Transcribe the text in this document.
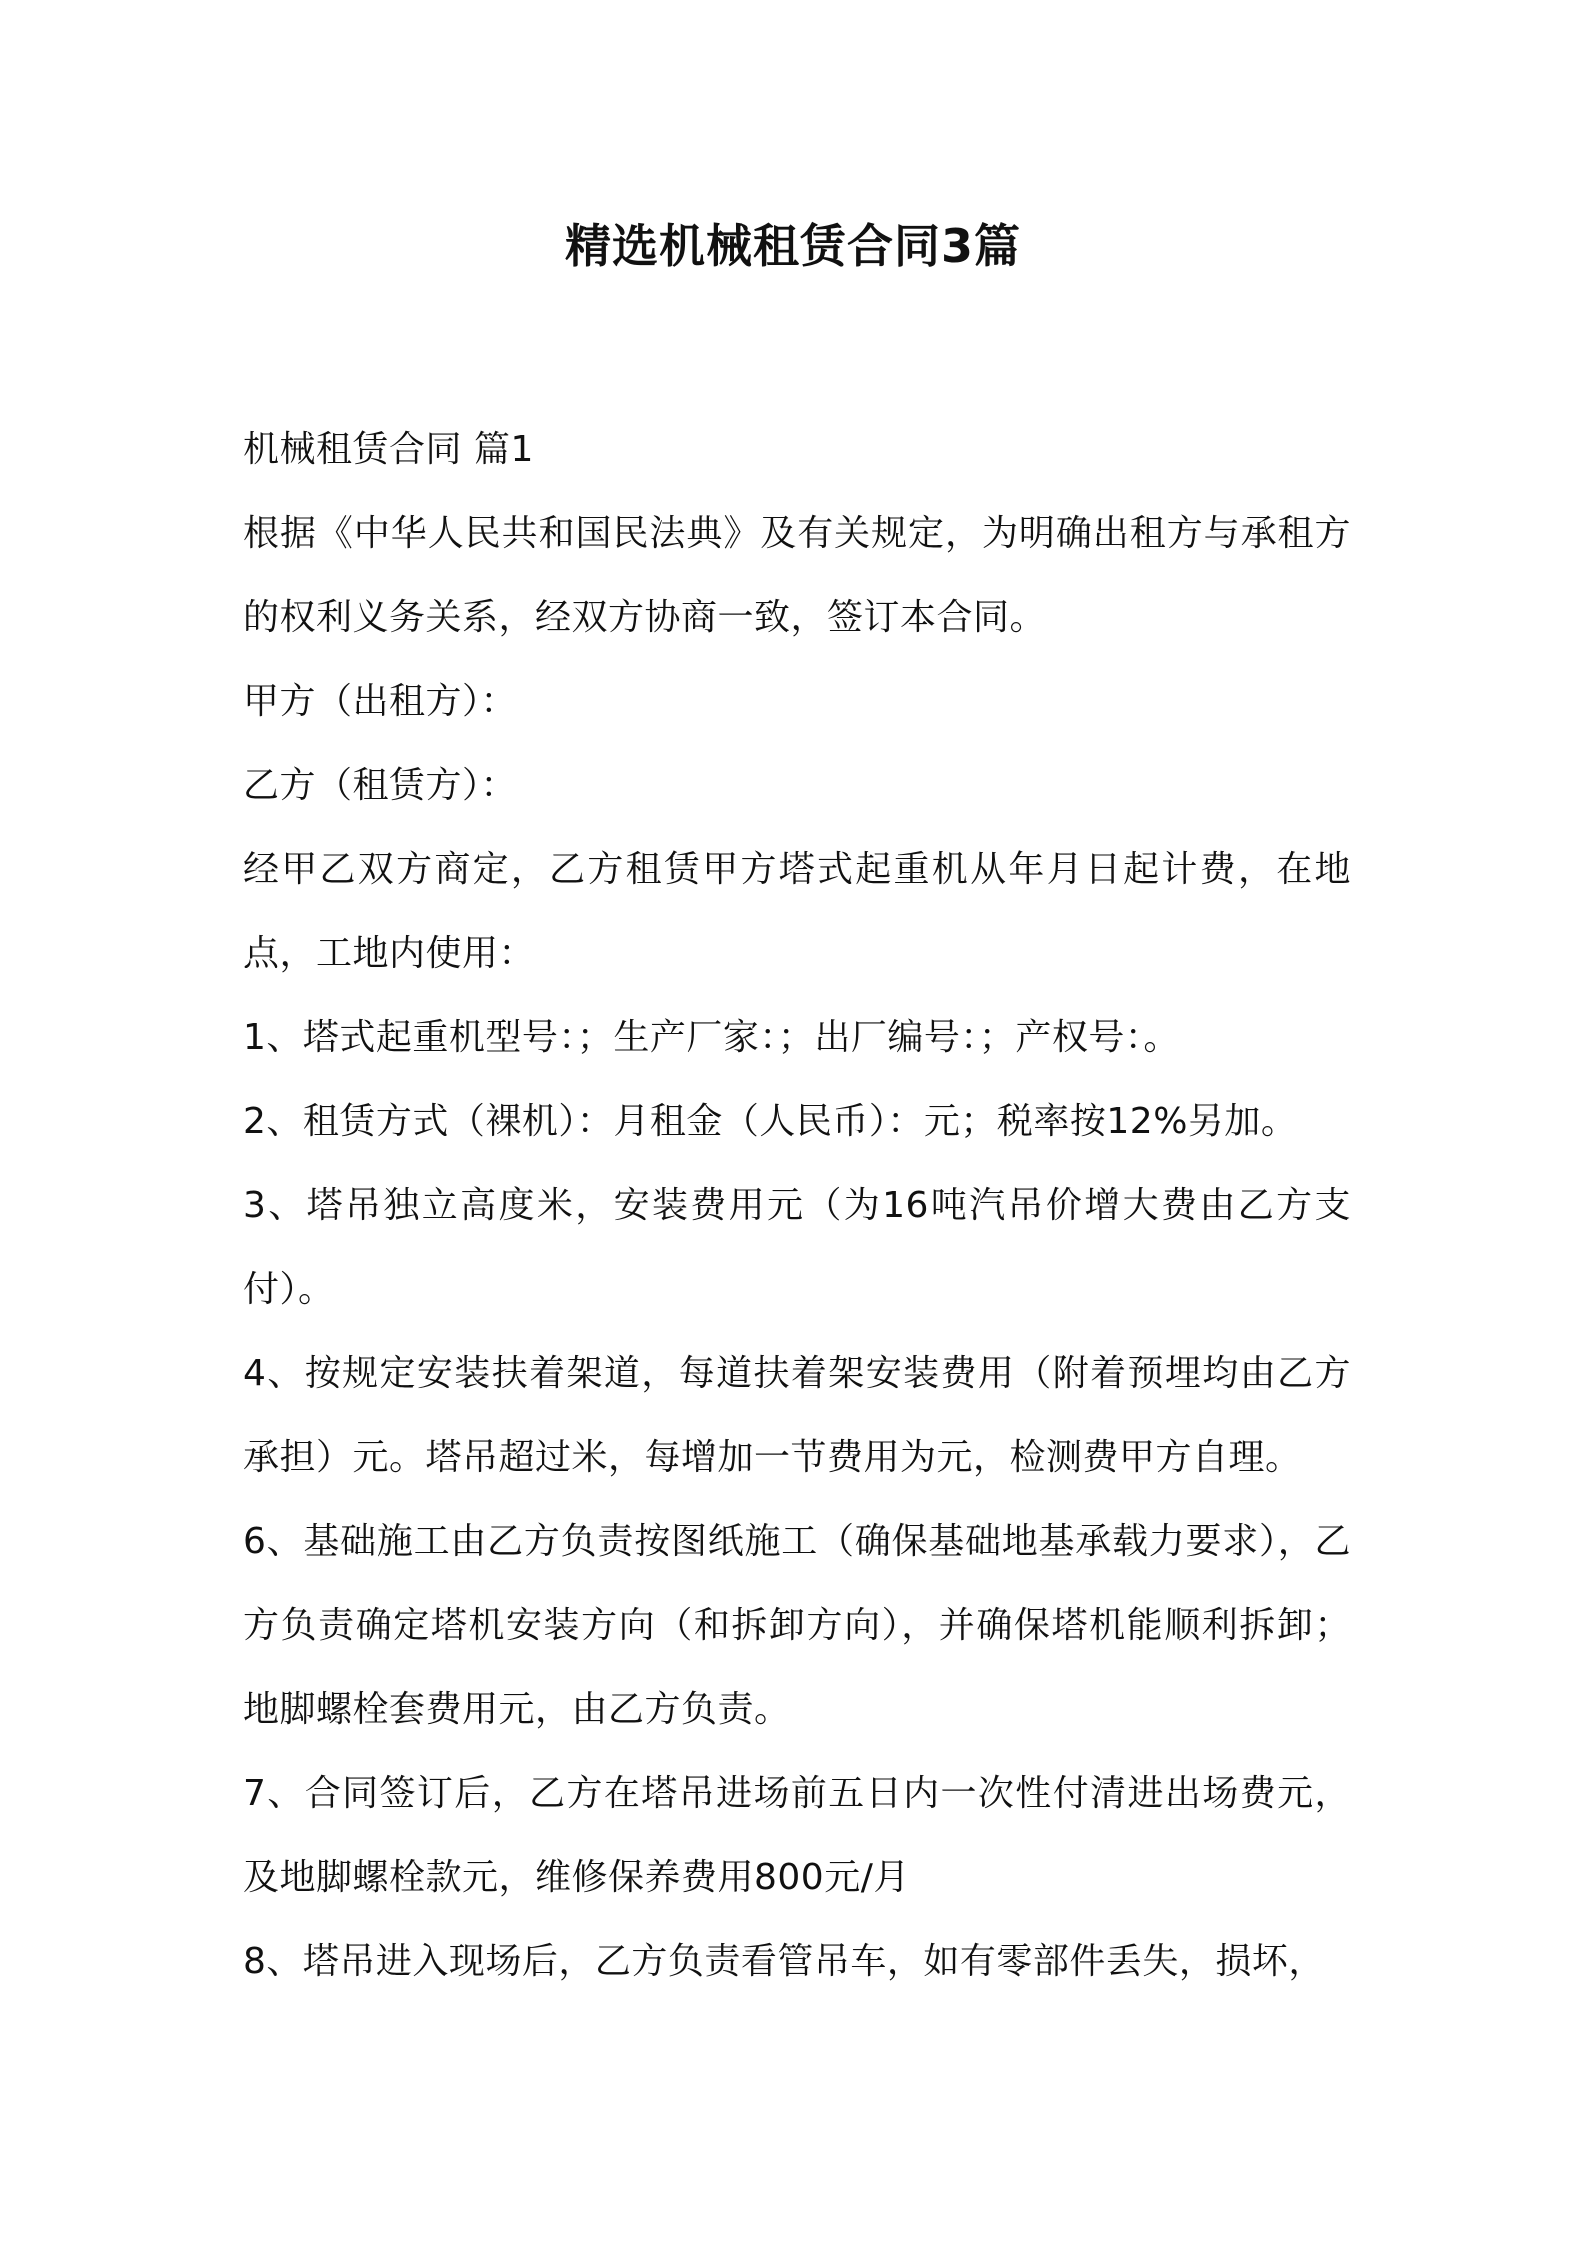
精选机械租赁合同3篇

机械租赁合同 篇1

根据《中华人民共和国民法典》及有关规定，为明确出租方与承租方的权利义务关系，经双方协商一致，签订本合同。

甲方（出租方）：

乙方（租赁方）：

经甲乙双方商定，乙方租赁甲方塔式起重机从年月日起计费，在地点，工地内使用：

1、塔式起重机型号：；生产厂家：；出厂编号：；产权号：。

2、租赁方式（裸机）：月租金（人民币）：元；税率按12%另加。

3、塔吊独立高度米，安装费用元（为16吨汽吊价增大费由乙方支付）。

4、按规定安装扶着架道，每道扶着架安装费用（附着预埋均由乙方承担）元。塔吊超过米，每增加一节费用为元，检测费甲方自理。

6、基础施工由乙方负责按图纸施工（确保基础地基承载力要求），乙方负责确定塔机安装方向（和拆卸方向），并确保塔机能顺利拆卸；地脚螺栓套费用元，由乙方负责。

7、合同签订后，乙方在塔吊进场前五日内一次性付清进出场费元，及地脚螺栓款元，维修保养费用800元/月

8、塔吊进入现场后，乙方负责看管吊车，如有零部件丢失，损坏，
